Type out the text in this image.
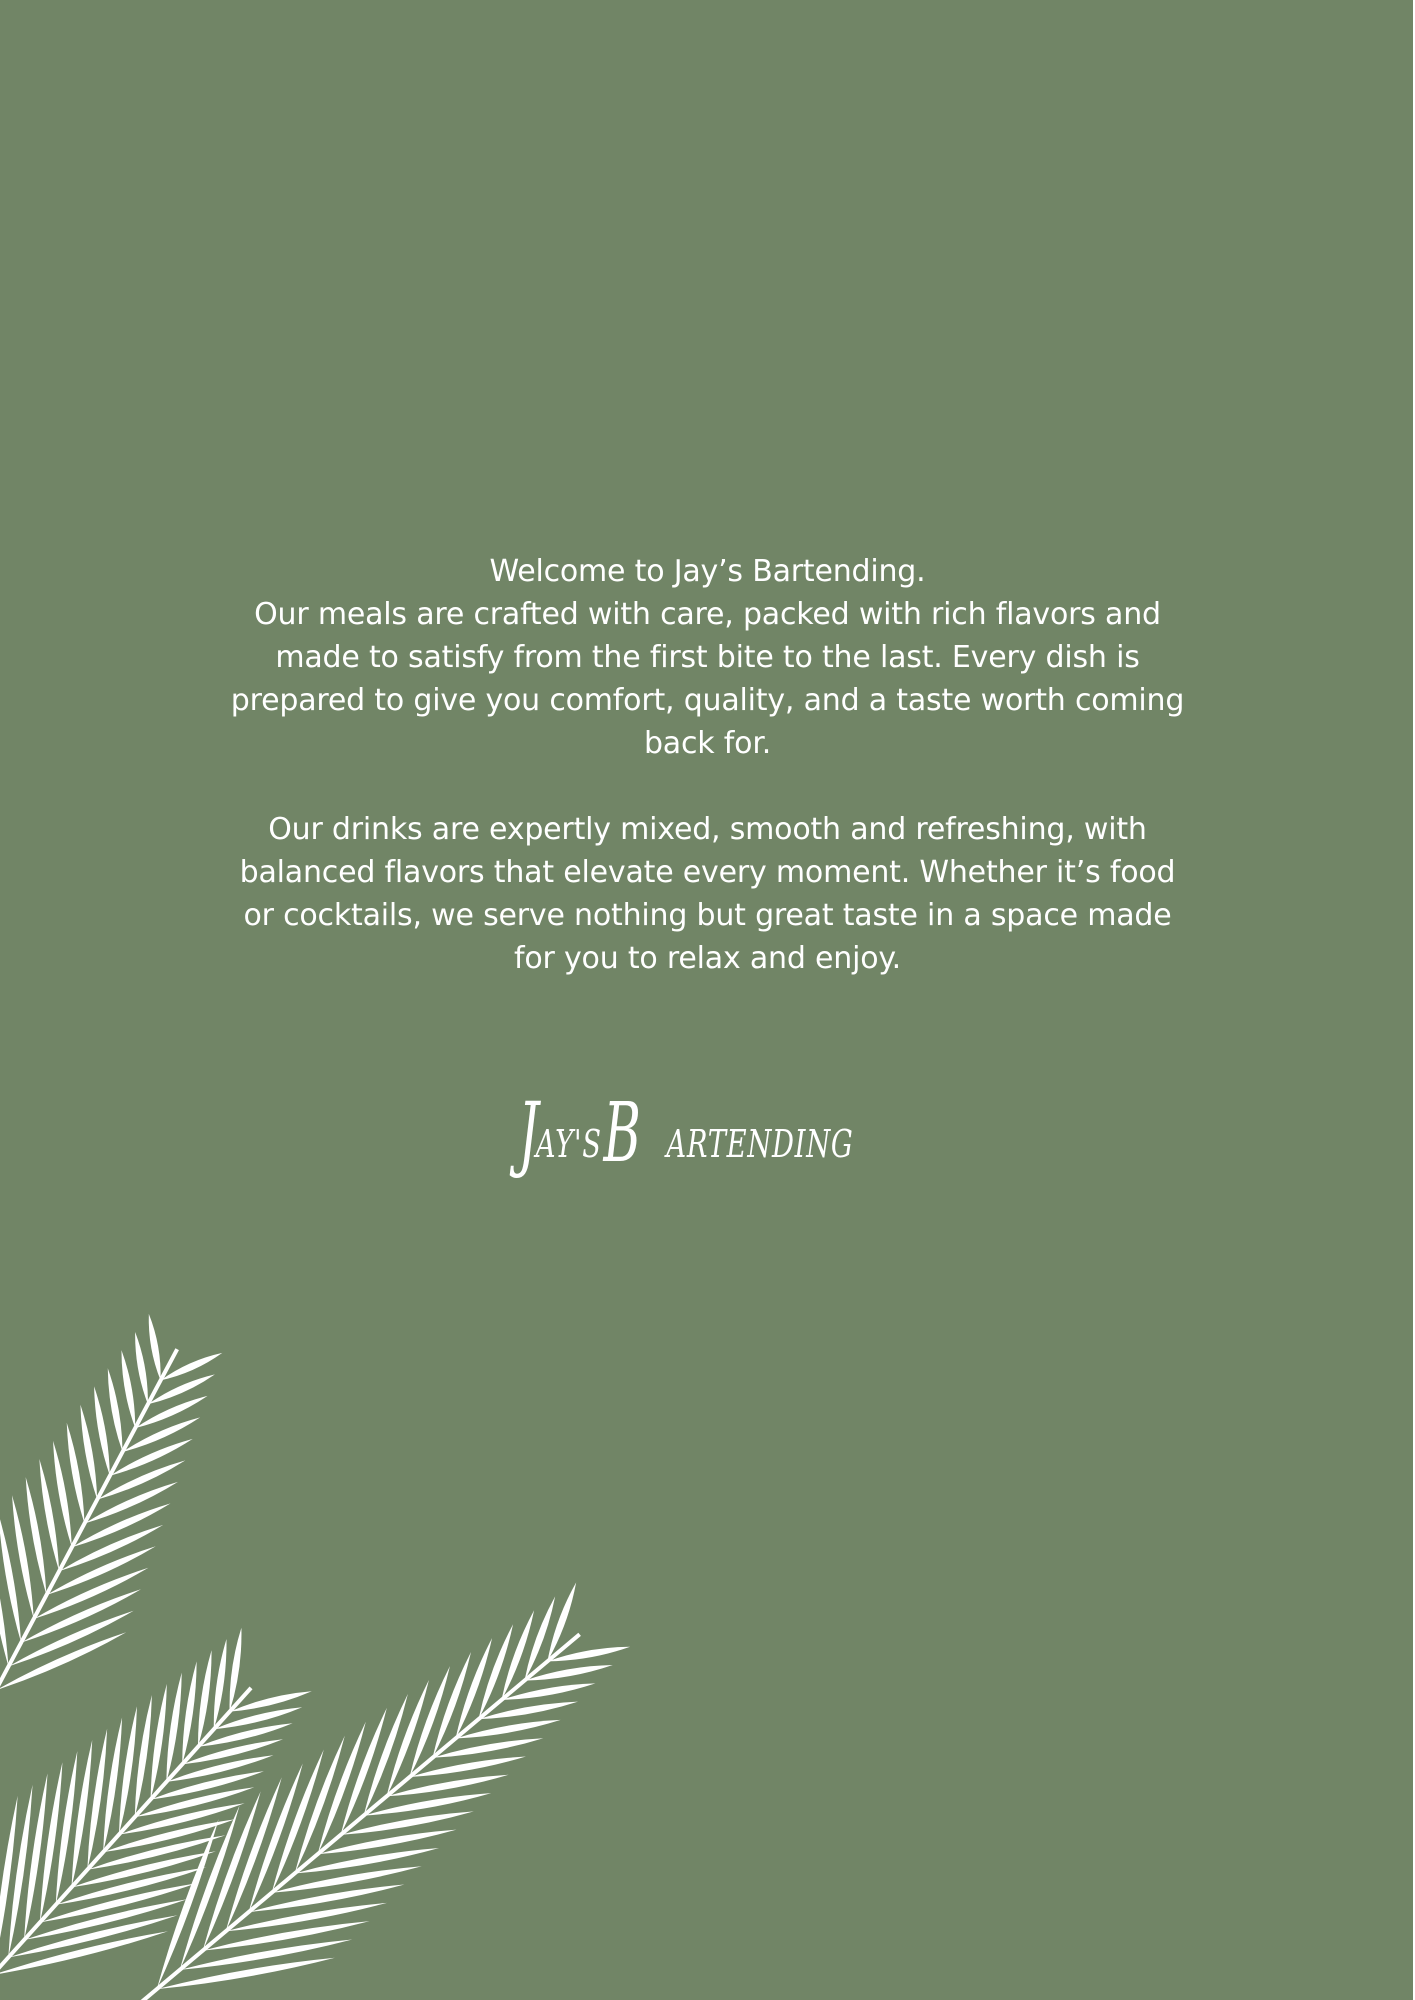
Welcome to Jay’s Bartending.

Our meals are crafted with care, packed with rich flavors and made to satisfy from the first bite to the last. Every dish is prepared to give you comfort, quality, and a taste worth coming back for.

Our drinks are expertly mixed, smooth and refreshing, with balanced flavors that elevate every moment. Whether it’s food or cocktails, we serve nothing but great taste in a space made for you to relax and enjoy.

J
AY'S B ARTENDING
